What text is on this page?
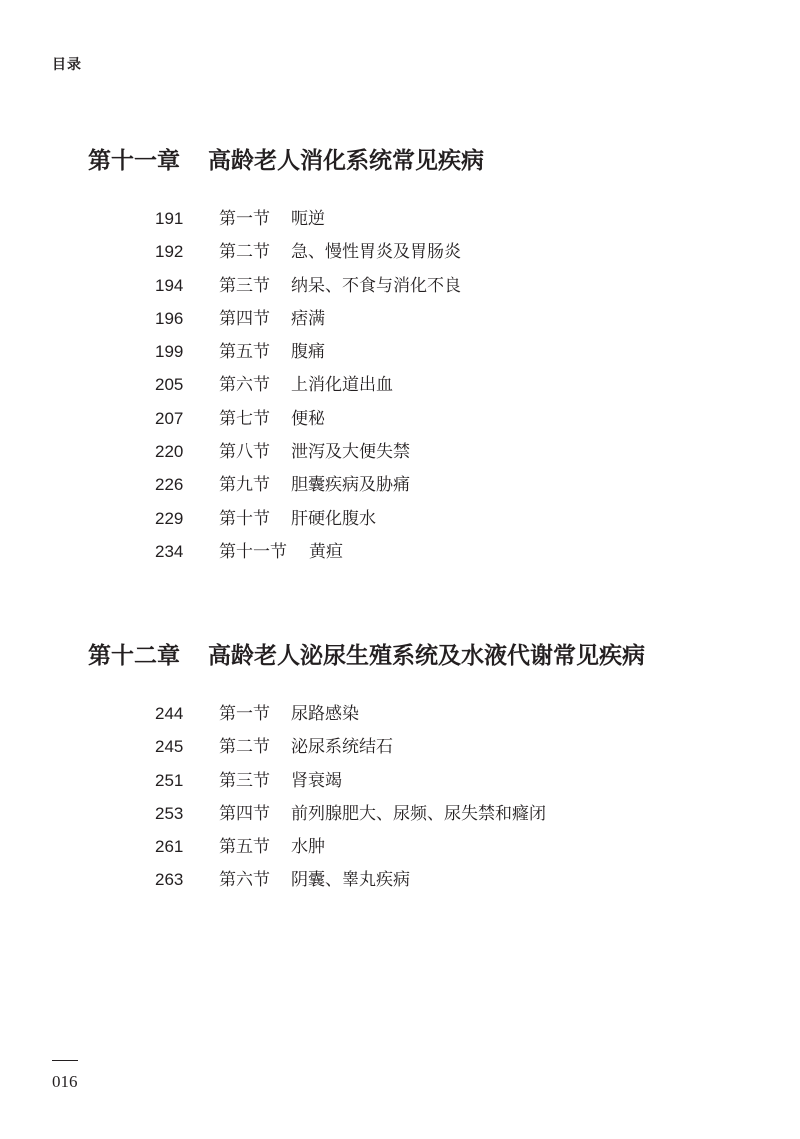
目录
第十一章 高龄老人消化系统常见疾病
191 第一节 呃逆
192 第二节 急、慢性胃炎及胃肠炎
194 第三节 纳呆、不食与消化不良
196 第四节 痞满
199 第五节 腹痛
205 第六节 上消化道出血
207 第七节 便秘
220 第八节 泄泻及大便失禁
226 第九节 胆囊疾病及胁痛
229 第十节 肝硬化腹水
234 第十一节 黄疸
第十二章 高龄老人泌尿生殖系统及水液代谢常见疾病
244 第一节 尿路感染
245 第二节 泌尿系统结石
251 第三节 肾衰竭
253 第四节 前列腺肥大、尿频、尿失禁和癃闭
261 第五节 水肿
263 第六节 阴囊、睾丸疾病
016
